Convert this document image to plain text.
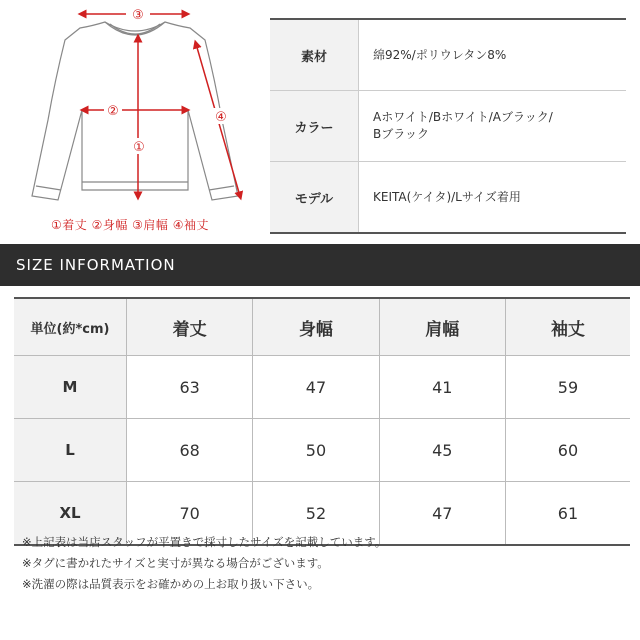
③
②
①
④
①着丈 ②身幅 ③肩幅 ④袖丈
素材	綿92%/ポリウレタン8%
カラー
Aホワイト/Bホワイト/Aブラック/
Bブラック
モデル	KEITA(ケイタ)/Lサイズ着用
SIZE INFORMATION
単位(約*cm)	着丈	身幅	肩幅	袖丈
M	63	47	41	59
L	68	50	45	60
XL	70	52	47	61
※上記表は当店スタッフが平置きで採寸したサイズを記載しています。
※タグに書かれたサイズと実寸が異なる場合がございます。
※洗濯の際は品質表示をお確かめの上お取り扱い下さい。
